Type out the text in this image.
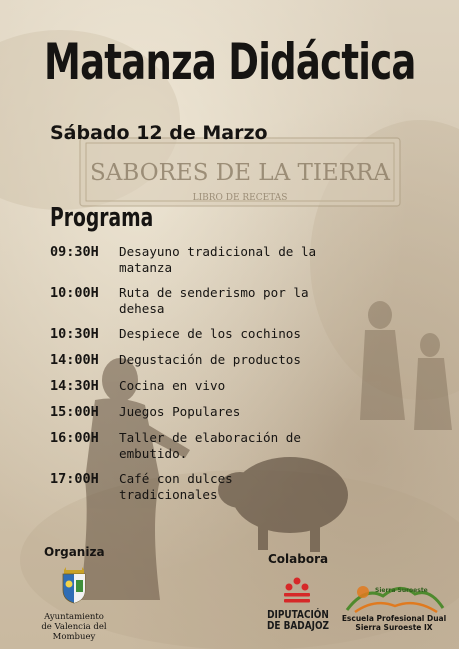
SABORES DE LA TIERRA
LIBRO DE RECETAS
Matanza Didáctica
Sábado 12 de Marzo
Programa
09:30H	Desayuno tradicional de la
matanza
10:00H	Ruta de senderismo por la
dehesa
10:30H	Despiece de los cochinos
14:00H	Degustación de productos
14:30H	Cocina en vivo
15:00H	Juegos Populares
16:00H	Taller de elaboración de
embutido.
17:00H	Café con dulces
tradicionales
Organiza
Ayuntamiento
de Valencia del
Mombuey
Colabora
DIPUTACIÓN
DE BADAJOZ
Sierra Suroeste
Escuela Profesional Dual
Sierra Suroeste IX
